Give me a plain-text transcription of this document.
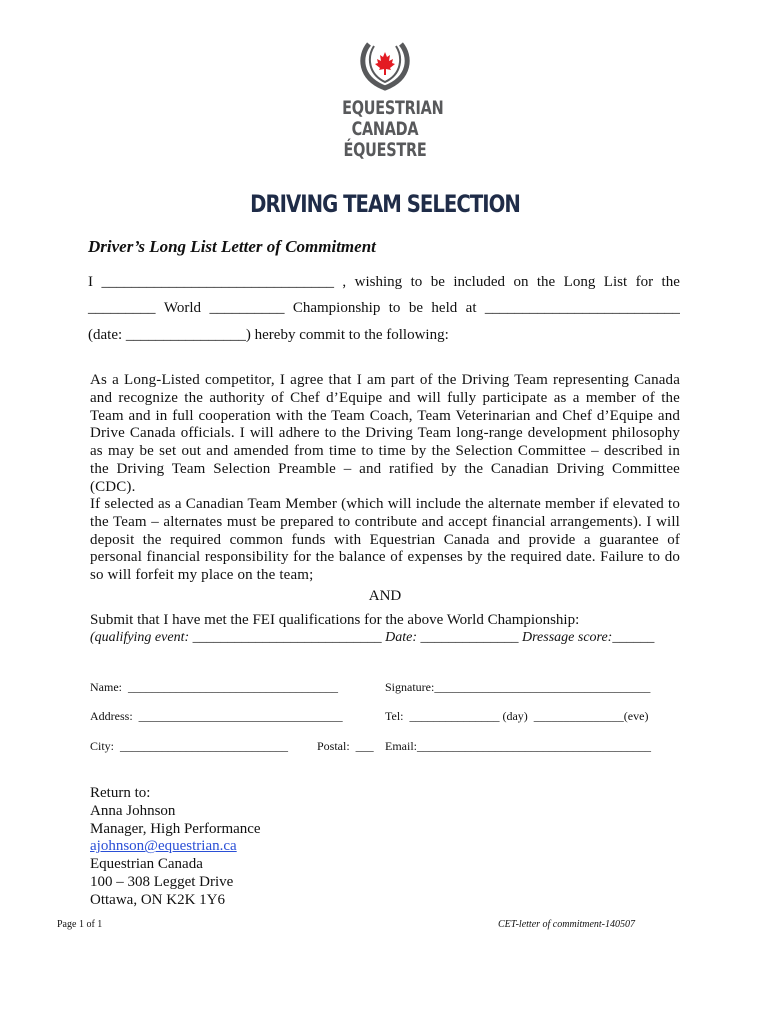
EQUESTRIAN
CANADA
ÉQUESTRE
DRIVING TEAM SELECTION
Driver’s Long List Letter of Commitment
I _______________________________ , wishing to be included on the Long List for the
_________ World __________ Championship to be held at __________________________
(date: ________________) hereby commit to the following:
As a Long-Listed competitor, I agree that I am part of the Driving Team representing Canada and recognize the authority of Chef d’Equipe and will fully participate as a member of the Team and in full cooperation with the Team Coach, Team Veterinarian and Chef d’Equipe and Drive Canada officials. I will adhere to the Driving Team long-range development philosophy as may be set out and amended from time to time by the Selection Committee – described in the Driving Team Selection Preamble – and ratified by the Canadian Driving Committee (CDC).
If selected as a Canadian Team Member (which will include the alternate member if elevated to the Team – alternates must be prepared to contribute and accept financial arrangements). I will deposit the required common funds with Equestrian Canada and provide a guarantee of personal financial responsibility for the balance of expenses by the required date. Failure to do so will forfeit my place on the team;
AND
Submit that I have met the FEI qualifications for the above World Championship:
(qualifying event: ___________________________ Date: ______________ Dressage score:______
Name:  ___________________________________	Signature:____________________________________
Address:  __________________________________	Tel:  _______________ (day)  _______________(eve)
City:  ____________________________ Postal:  ___ Email:_______________________________________
Return to:
Anna Johnson
Manager, High Performance
ajohnson@equestrian.ca
Equestrian Canada
100 – 308 Legget Drive
Ottawa, ON K2K 1Y6
Page 1 of 1	CET-letter of commitment-140507
